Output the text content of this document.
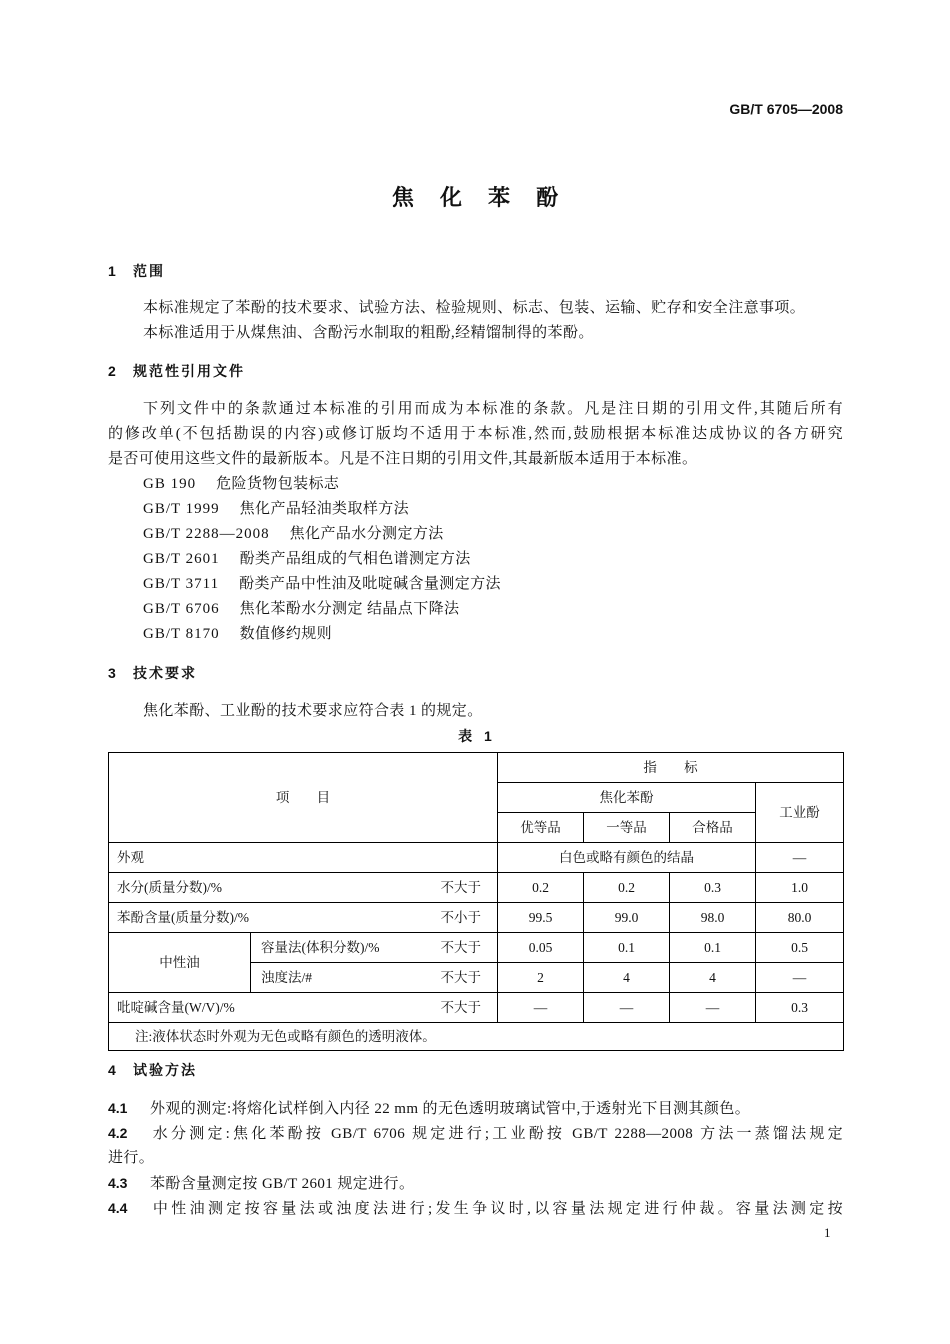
GB/T 6705—2008
焦 化 苯 酚
1 范围
本标准规定了苯酚的技术要求、试验方法、检验规则、标志、包装、运输、贮存和安全注意事项。
本标准适用于从煤焦油、含酚污水制取的粗酚,经精馏制得的苯酚。
2 规范性引用文件
下列文件中的条款通过本标准的引用而成为本标准的条款。凡是注日期的引用文件,其随后所有
的修改单(不包括勘误的内容)或修订版均不适用于本标准,然而,鼓励根据本标准达成协议的各方研究
是否可使用这些文件的最新版本。凡是不注日期的引用文件,其最新版本适用于本标准。
GB 190 危险货物包装标志
GB/T 1999 焦化产品轻油类取样方法
GB/T 2288—2008 焦化产品水分测定方法
GB/T 2601 酚类产品组成的气相色谱测定方法
GB/T 3711 酚类产品中性油及吡啶碱含量测定方法
GB/T 6706 焦化苯酚水分测定 结晶点下降法
GB/T 8170 数值修约规则
3 技术要求
焦化苯酚、工业酚的技术要求应符合表 1 的规定。
表 1
项 目		指 标			
		焦化苯酚			工业酚
		优等品	一等品	合格品	
外观		白色或略有颜色的结晶			—

水分(质量分数)/% 不大于		0.2	0.2	0.3	1.0

苯酚含量(质量分数)/% 不小于		99.5	99.0	98.0	80.0
中性油	容量法(体积分数)/% 不大于	0.05	0.1	0.1	0.5

	浊度法/# 不大于	2	4	4	—

吡啶碱含量(W/V)/% 不大于		—	—	—	0.3
注:液体状态时外观为无色或略有颜色的透明液体。					
4 试验方法
4.1 外观的测定:将熔化试样倒入内径 22 mm 的无色透明玻璃试管中,于透射光下目测其颜色。
4.2 水分测定:焦化苯酚按 GB/T 6706 规定进行;工业酚按 GB/T 2288—2008 方法一蒸馏法规定
进行。
4.3 苯酚含量测定按 GB/T 2601 规定进行。
4.4 中性油测定按容量法或浊度法进行;发生争议时,以容量法规定进行仲裁。容量法测定按
1
